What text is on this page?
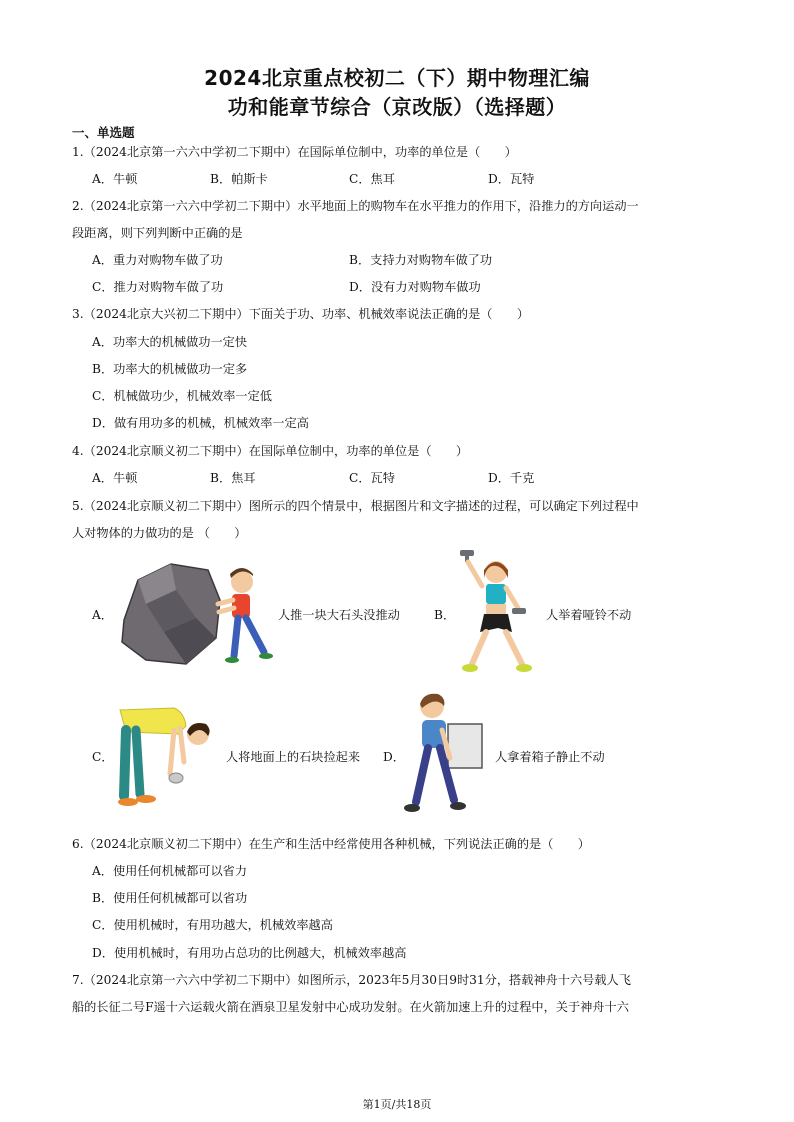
2024北京重点校初二（下）期中物理汇编
功和能章节综合（京改版）（选择题）
一、单选题
1.（2024北京第一六六中学初二下期中）在国际单位制中，功率的单位是（　　）
A．牛顿	B．帕斯卡	C．焦耳	D．瓦特
2.（2024北京第一六六中学初二下期中）水平地面上的购物车在水平推力的作用下，沿推力的方向运动一
段距离，则下列判断中正确的是
A．重力对购物车做了功	B．支持力对购物车做了功
C．推力对购物车做了功	D．没有力对购物车做功
3.（2024北京大兴初二下期中）下面关于功、功率、机械效率说法正确的是（　　）
A．功率大的机械做功一定快
B．功率大的机械做功一定多
C．机械做功少，机械效率一定低
D．做有用功多的机械，机械效率一定高
4.（2024北京顺义初二下期中）在国际单位制中，功率的单位是（　　）
A．牛顿	B．焦耳	C．瓦特	D．千克
5.（2024北京顺义初二下期中）图所示的四个情景中，根据图片和文字描述的过程，可以确定下列过程中
人对物体的力做功的是 （　　）
A．	人推一块大石头没推动	B．	人举着哑铃不动
C．	人将地面上的石块捡起来 D．	人拿着箱子静止不动
6.（2024北京顺义初二下期中）在生产和生活中经常使用各种机械，下列说法正确的是（　　）
A．使用任何机械都可以省力
B．使用任何机械都可以省功
C．使用机械时，有用功越大，机械效率越高
D．使用机械时，有用功占总功的比例越大，机械效率越高
7.（2024北京第一六六中学初二下期中）如图所示，2023年5月30日9时31分，搭载神舟十六号载人飞
船的长征二号F遥十六运载火箭在酒泉卫星发射中心成功发射。在火箭加速上升的过程中，关于神舟十六
第1页/共18页
